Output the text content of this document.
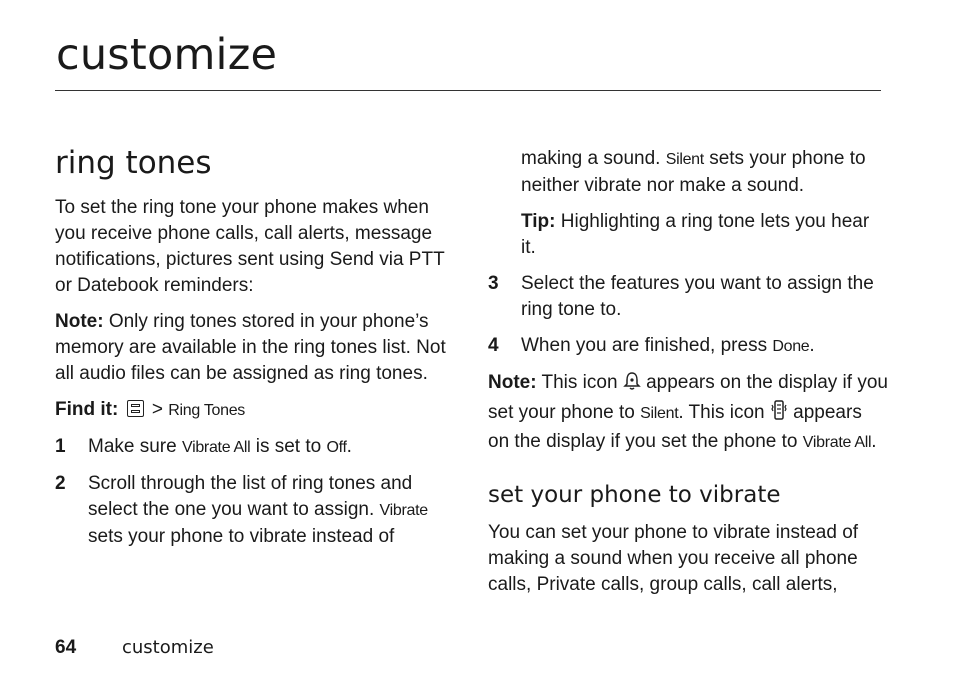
customize
ring tones

To set the ring tone your phone makes when you receive phone calls, call alerts, message notifications, pictures sent using Send via PTT or Datebook reminders:

Note: Only ring tones stored in your phone’s memory are available in the ring tones list. Not all audio files can be assigned as ring tones.

Find it:  > Ring Tones

1	Make sure Vibrate All is set to Off.
2	Scroll through the list of ring tones and select the one you want to assign. Vibrate sets your phone to vibrate instead of

making a sound. Silent sets your phone to neither vibrate nor make a sound.

Tip: Highlighting a ring tone lets you hear it.

3	Select the features you want to assign the ring tone to.
4	When you are finished, press Done.

Note: This icon  appears on the display if you set your phone to Silent. This icon  appears on the display if you set the phone to Vibrate All.

set your phone to vibrate

You can set your phone to vibrate instead of making a sound when you receive all phone calls, Private calls, group calls, call alerts,

64	customize
